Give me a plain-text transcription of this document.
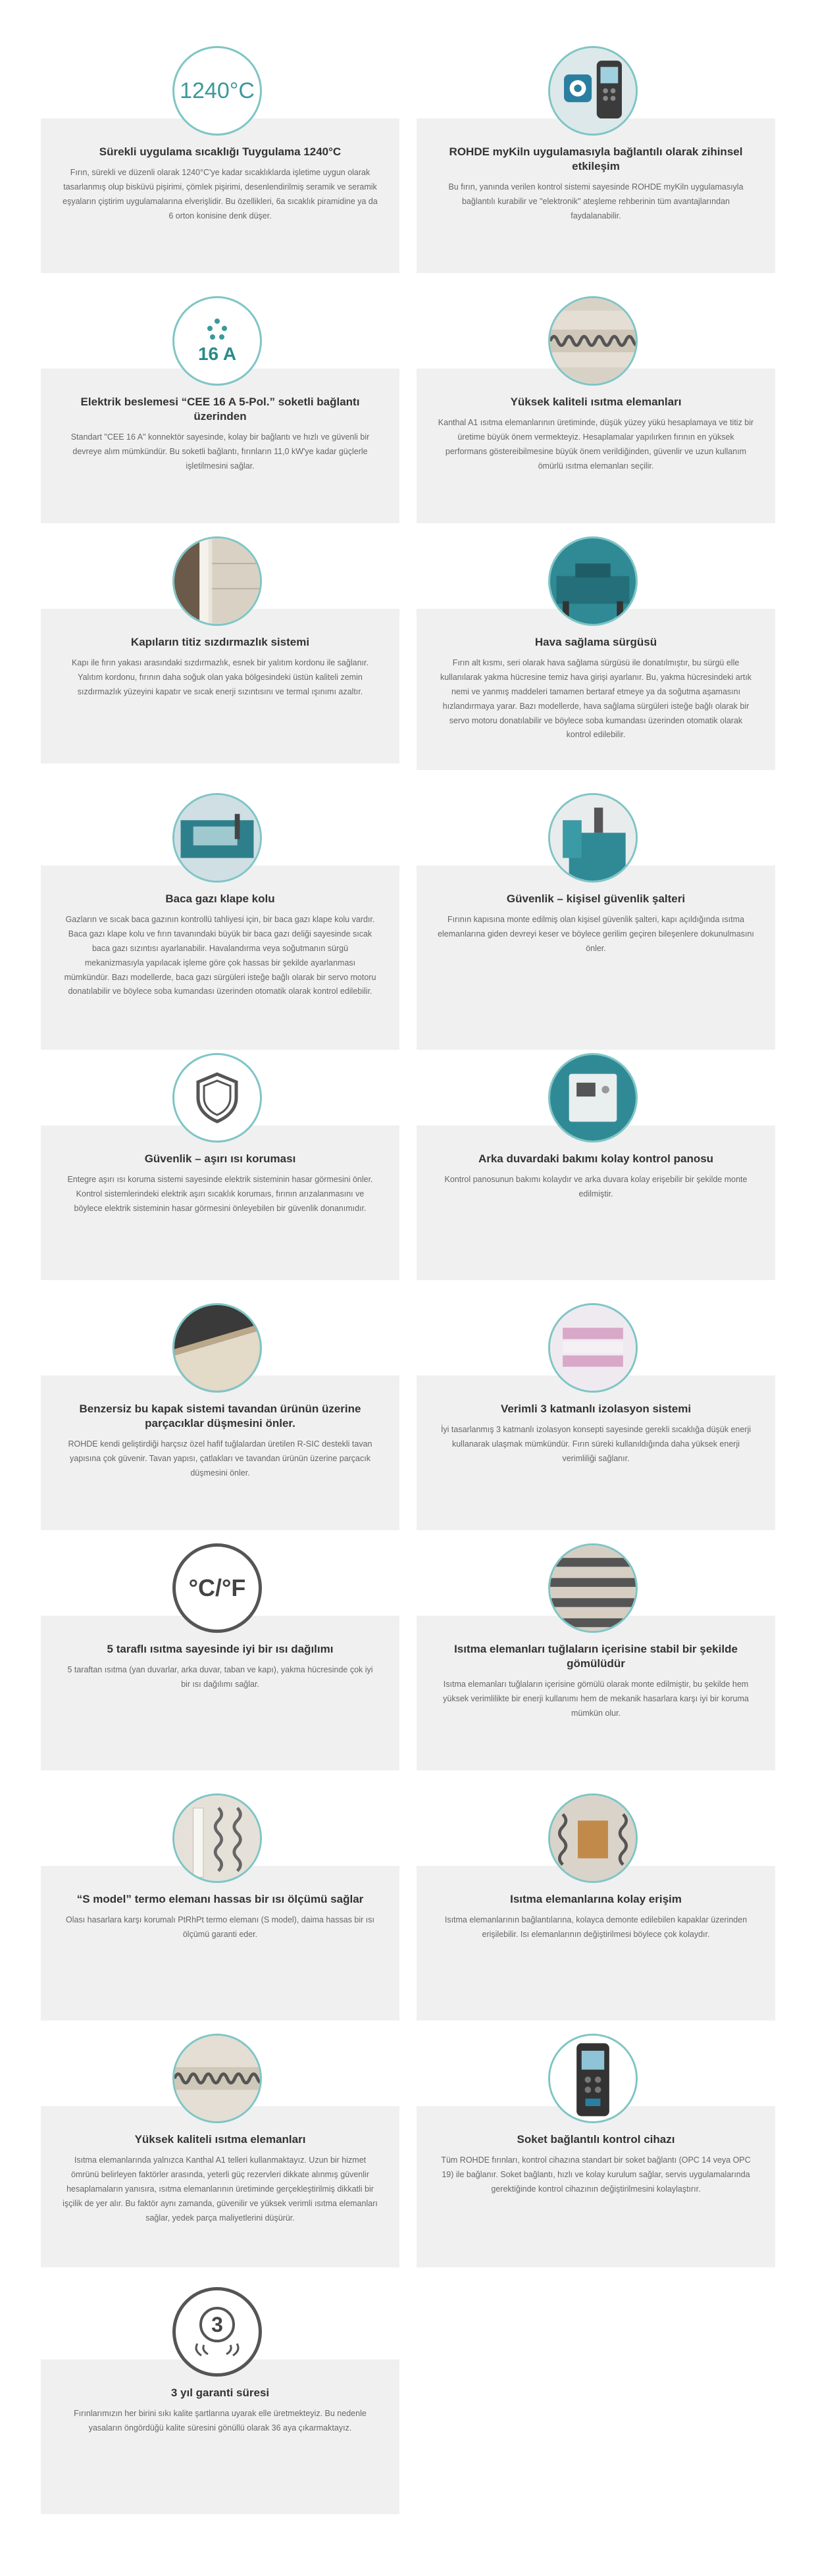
1240°C
Sürekli uygulama sıcaklığı Tuygulama 1240°C

Fırın, sürekli ve düzenli olarak 1240°C'ye kadar sıcaklıklarda işletime uygun olarak tasarlanmış olup bisküvü pişirimi, çömlek pişirimi, desenlendirilmiş seramik ve seramik eşyaların çiştirim uygulamalarına elverişlidir. Bu özellikleri, 6a sıcaklık piramidine ya da 6 orton konisine denk düşer.

ROHDE myKiln uygulamasıyla bağlantılı olarak zihinsel etkileşim

Bu fırın, yanında verilen kontrol sistemi sayesinde ROHDE myKiln uygulamasıyla bağlantılı kurabilir ve "elektronik" ateşleme rehberinin tüm avantajlarından faydalanabilir.

16 A
Elektrik beslemesi “CEE 16 A 5-Pol.” soketli bağlantı üzerinden

Standart "CEE 16 A" konnektör sayesinde, kolay bir bağlantı ve hızlı ve güvenli bir devreye alım mümkündür. Bu soketli bağlantı, fırınların 11,0 kW'ye kadar güçlerle işletilmesini sağlar.

Yüksek kaliteli ısıtma elemanları

Kanthal A1 ısıtma elemanlarının üretiminde, düşük yüzey yükü hesaplamaya ve titiz bir üretime büyük önem vermekteyiz. Hesaplamalar yapılırken fırının en yüksek performans göstereibilmesine büyük önem verildiğinden, güvenlir ve uzun kullanım ömürlü ısıtma elemanları seçilir.

Kapıların titiz sızdırmazlık sistemi

Kapı ile fırın yakası arasındaki sızdırmazlık, esnek bir yalıtım kordonu ile sağlanır. Yalıtım kordonu, fırının daha soğuk olan yaka bölgesindeki üstün kaliteli zemin sızdırmazlık yüzeyini kapatır ve sıcak enerji sızıntısını ve termal ışınımı azaltır.

Hava sağlama sürgüsü

Fırın alt kısmı, seri olarak hava sağlama sürgüsü ile donatılmıştır, bu sürgü elle kullanılarak yakma hücresine temiz hava girişi ayarlanır. Bu, yakma hücresindeki artık nemi ve yanmış maddeleri tamamen bertaraf etmeye ya da soğutma aşamasını hızlandırmaya yarar. Bazı modellerde, hava sağlama sürgüleri isteğe bağlı olarak bir servo motoru donatılabilir ve böylece soba kumandası üzerinden otomatik olarak kontrol edilebilir.

Baca gazı klape kolu

Gazların ve sıcak baca gazının kontrollü tahliyesi için, bir baca gazı klape kolu vardır. Baca gazı klape kolu ve fırın tavanındaki büyük bir baca gazı deliği sayesinde sıcak baca gazı sızıntısı ayarlanabilir. Havalandırma veya soğutmanın sürgü mekanizmasıyla yapılacak işleme göre çok hassas bir şekilde ayarlanması mümkündür. Bazı modellerde, baca gazı sürgüleri isteğe bağlı olarak bir servo motoru donatılabilir ve böylece soba kumandası üzerinden otomatik olarak kontrol edilebilir.

Güvenlik – kişisel güvenlik şalteri

Fırının kapısına monte edilmiş olan kişisel güvenlik şalteri, kapı açıldığında ısıtma elemanlarına giden devreyi keser ve böylece gerilim geçiren bileşenlere dokunulmasını önler.

Güvenlik – aşırı ısı koruması

Entegre aşırı ısı koruma sistemi sayesinde elektrik sisteminin hasar görmesini önler. Kontrol sistemlerindeki elektrik aşırı sıcaklık korumaıs, fırının arızalanmasını ve böylece elektrik sisteminin hasar görmesini önleyebilen bir güvenlik donanımıdır.

Arka duvardaki bakımı kolay kontrol panosu

Kontrol panosunun bakımı kolaydır ve arka duvara kolay erişebilir bir şekilde monte edilmiştir.

Benzersiz bu kapak sistemi tavandan ürünün üzerine parçacıklar düşmesini önler.

ROHDE kendi geliştirdiği harçsız özel hafif tuğlalardan üretilen R-SIC destekli tavan yapısına çok güvenir. Tavan yapısı, çatlakları ve tavandan ürünün üzerine parçacık düşmesini önler.

Verimli 3 katmanlı izolasyon sistemi

İyi tasarlanmış 3 katmanlı izolasyon konsepti sayesinde gerekli sıcaklığa düşük enerji kullanarak ulaşmak mümkündür. Fırın süreki kullanıldığında daha yüksek enerji verimliliği sağlanır.

°C/°F
5 taraflı ısıtma sayesinde iyi bir ısı dağılımı

5 taraftan ısıtma (yan duvarlar, arka duvar, taban ve kapı), yakma hücresinde çok iyi bir ısı dağılımı sağlar.

Isıtma elemanları tuğlaların içerisine stabil bir şekilde gömülüdür

Isıtma elemanları tuğlaların içerisine gömülü olarak monte edilmiştir, bu şekilde hem yüksek verimlilikte bir enerji kullanımı hem de mekanik hasarlara karşı iyi bir koruma mümkün olur.

“S model” termo elemanı hassas bir ısı ölçümü sağlar

Olası hasarlara karşı korumalı PtRhPt termo elemanı (S model), daima hassas bir ısı ölçümü garanti eder.

Isıtma elemanlarına kolay erişim

Isıtma elemanlarının bağlantılarına, kolayca demonte edilebilen kapaklar üzerinden erişilebilir. Isı elemanlarının değiştirilmesi böylece çok kolaydır.

Yüksek kaliteli ısıtma elemanları

Isıtma elemanlarında yalnızca Kanthal A1 telleri kullanmaktayız. Uzun bir hizmet ömrünü belirleyen faktörler arasında, yeterli güç rezervleri dikkate alınmış güvenlir hesaplamaların yanısıra, ısıtma elemanlarının üretiminde gerçekleştirilmiş dikkatli bir işçilik de yer alır. Bu faktör aynı zamanda, güvenilir ve yüksek verimli ısıtma elemanları sağlar, yedek parça maliyetlerini düşürür.

Soket bağlantılı kontrol cihazı

Tüm ROHDE fırınları, kontrol cihazına standart bir soket bağlantı (OPC 14 veya OPC 19) ile bağlanır. Soket bağlantı, hızlı ve kolay kurulum sağlar, servis uygulamalarında gerektiğinde kontrol cihazının değiştirilmesini kolaylaştırır.

3
3 yıl garanti süresi

Fırınlarımızın her birini sıkı kalite şartlarına uyarak elle üretmekteyiz. Bu nedenle yasaların öngördüğü kalite süresini gönüllü olarak 36 aya çıkarmaktayız.
